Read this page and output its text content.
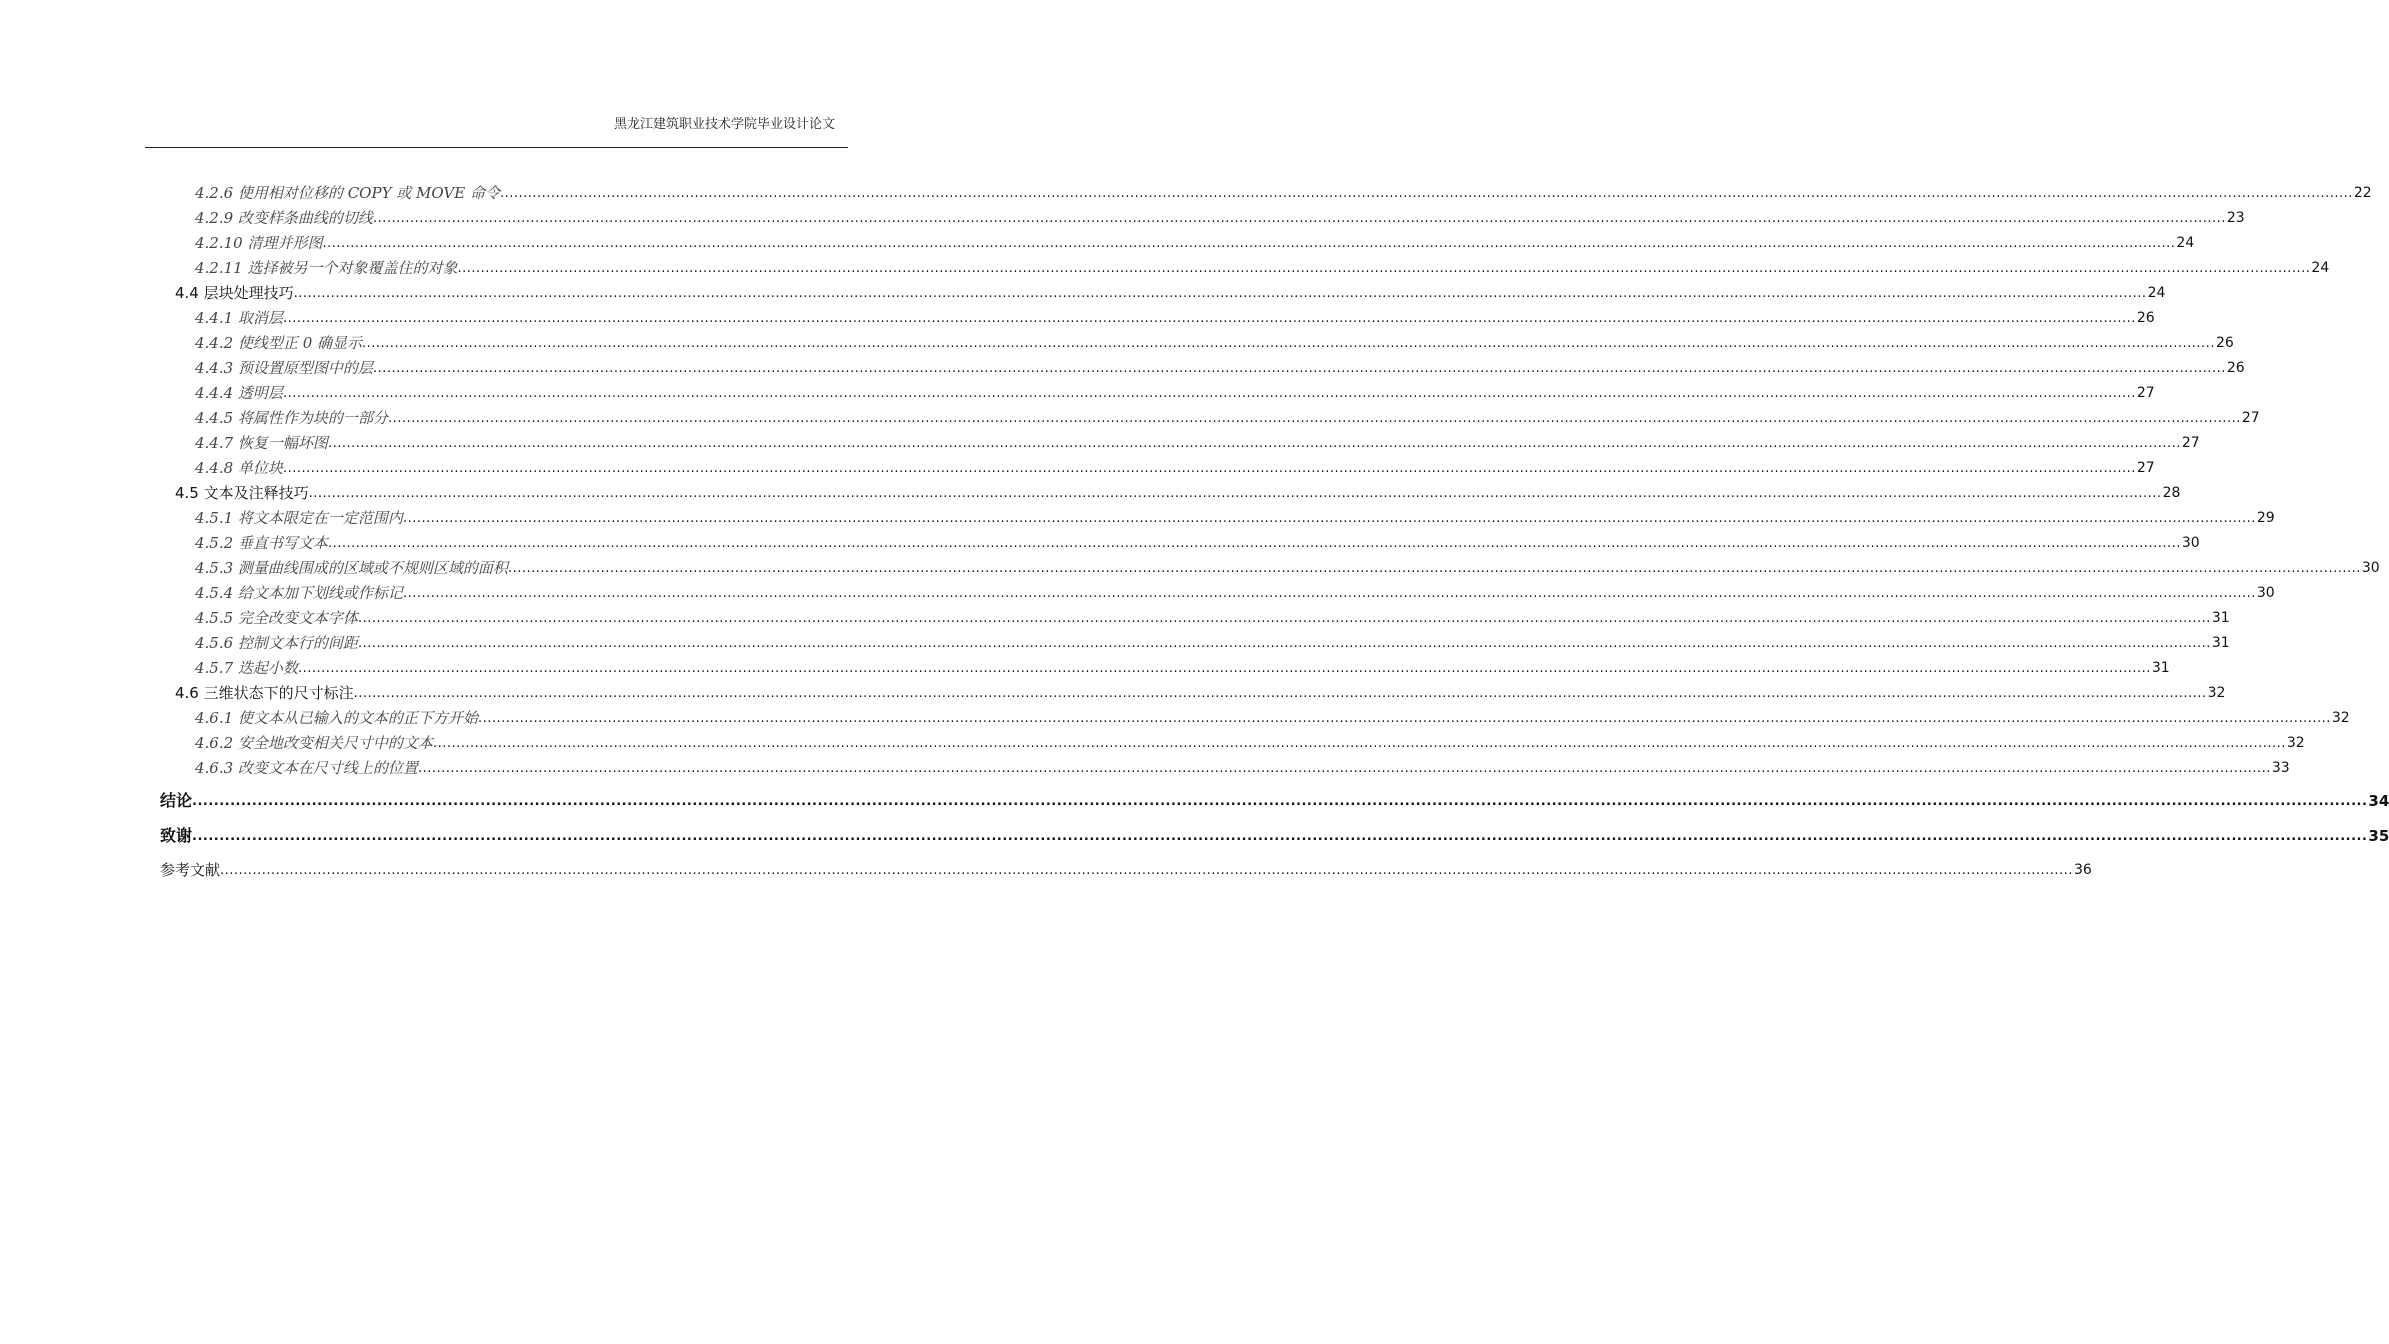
黑龙江建筑职业技术学院毕业设计论文
4.2.6 使用相对位移的 COPY 或 MOVE 命令 ................................................................................................................................................................................................................................................................................................................................................................................................................ 22
4.2.9 改变样条曲线的切线 ................................................................................................................................................................................................................................................................................................................................................................................................................ 23
4.2.10 清理并形图 ................................................................................................................................................................................................................................................................................................................................................................................................................ 24
4.2.11 选择被另一个对象覆盖住的对象 ................................................................................................................................................................................................................................................................................................................................................................................................................ 24
4.4 层块处理技巧 ................................................................................................................................................................................................................................................................................................................................................................................................................ 24
4.4.1 取消层 ................................................................................................................................................................................................................................................................................................................................................................................................................ 26
4.4.2 使线型正 0 确显示 ................................................................................................................................................................................................................................................................................................................................................................................................................ 26
4.4.3 预设置原型图中的层 ................................................................................................................................................................................................................................................................................................................................................................................................................ 26
4.4.4 透明层 ................................................................................................................................................................................................................................................................................................................................................................................................................ 27
4.4.5 将属性作为块的一部分 ................................................................................................................................................................................................................................................................................................................................................................................................................ 27
4.4.7 恢复一幅坏图 ................................................................................................................................................................................................................................................................................................................................................................................................................ 27
4.4.8 单位块 ................................................................................................................................................................................................................................................................................................................................................................................................................ 27
4.5 文本及注释技巧 ................................................................................................................................................................................................................................................................................................................................................................................................................ 28
4.5.1 将文本限定在一定范围内 ................................................................................................................................................................................................................................................................................................................................................................................................................ 29
4.5.2 垂直书写文本 ................................................................................................................................................................................................................................................................................................................................................................................................................ 30
4.5.3 测量曲线围成的区域或不规则区域的面积 ................................................................................................................................................................................................................................................................................................................................................................................................................ 30
4.5.4 给文本加下划线或作标记 ................................................................................................................................................................................................................................................................................................................................................................................................................ 30
4.5.5 完全改变文本字体 ................................................................................................................................................................................................................................................................................................................................................................................................................ 31
4.5.6 控制文本行的间距 ................................................................................................................................................................................................................................................................................................................................................................................................................ 31
4.5.7 迭起小数 ................................................................................................................................................................................................................................................................................................................................................................................................................ 31
4.6 三维状态下的尺寸标注 ................................................................................................................................................................................................................................................................................................................................................................................................................ 32
4.6.1 使文本从已输入的文本的正下方开始 ................................................................................................................................................................................................................................................................................................................................................................................................................ 32
4.6.2 安全地改变相关尺寸中的文本 ................................................................................................................................................................................................................................................................................................................................................................................................................ 32
4.6.3 改变文本在尺寸线上的位置 ................................................................................................................................................................................................................................................................................................................................................................................................................ 33
结论 ................................................................................................................................................................................................................................................................................................................................................................................................................ 34
致谢 ................................................................................................................................................................................................................................................................................................................................................................................................................ 35
参考文献 ................................................................................................................................................................................................................................................................................................................................................................................................................ 36
